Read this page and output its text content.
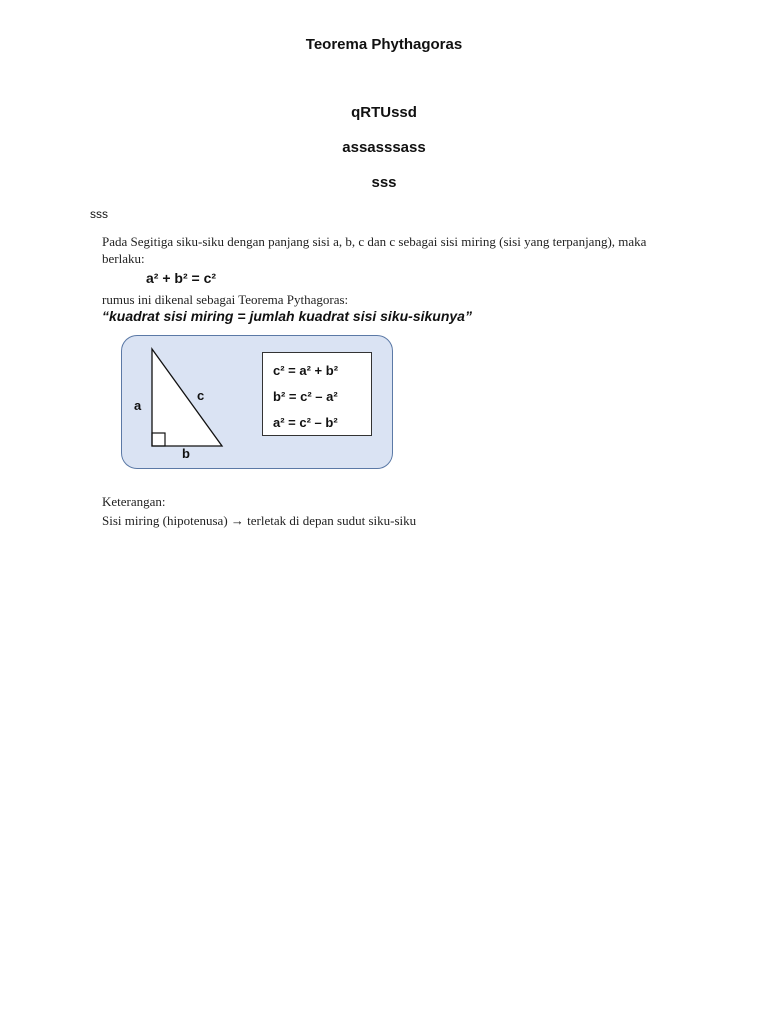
Teorema Phythagoras
qRTUssd
assasssass
sss
sss
Pada Segitiga siku-siku dengan panjang sisi a, b, c dan c sebagai sisi miring (sisi yang terpanjang), maka berlaku:
a² + b² = c²
rumus ini dikenal sebagai Teorema Pythagoras:
“kuadrat sisi miring = jumlah kuadrat sisi siku-sikunya”
a
c
b
c² = a² + b²
b² = c² – a²
a² = c² – b²
Keterangan:
Sisi miring (hipotenusa) → terletak di depan sudut siku-siku
